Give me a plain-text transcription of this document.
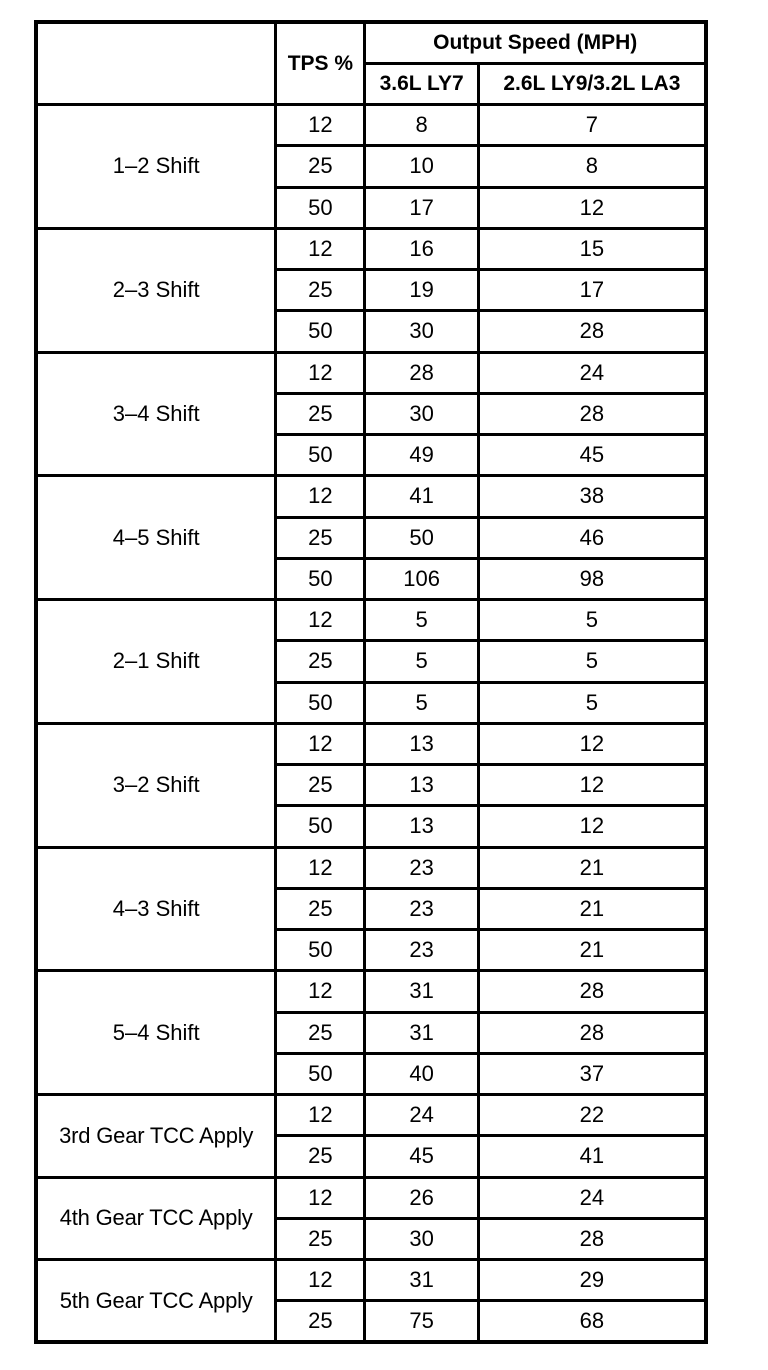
	TPS %	Output Speed (MPH)	
		3.6L LY7	2.6L LY9/3.2L LA3
1–2 Shift	12	8	7
	25	10	8
	50	17	12
2–3 Shift	12	16	15
	25	19	17
	50	30	28
3–4 Shift	12	28	24
	25	30	28
	50	49	45
4–5 Shift	12	41	38
	25	50	46
	50	106	98
2–1 Shift	12	5	5
	25	5	5
	50	5	5
3–2 Shift	12	13	12
	25	13	12
	50	13	12
4–3 Shift	12	23	21
	25	23	21
	50	23	21
5–4 Shift	12	31	28
	25	31	28
	50	40	37
3rd Gear TCC Apply	12	24	22
	25	45	41
4th Gear TCC Apply	12	26	24
	25	30	28
5th Gear TCC Apply	12	31	29
	25	75	68
